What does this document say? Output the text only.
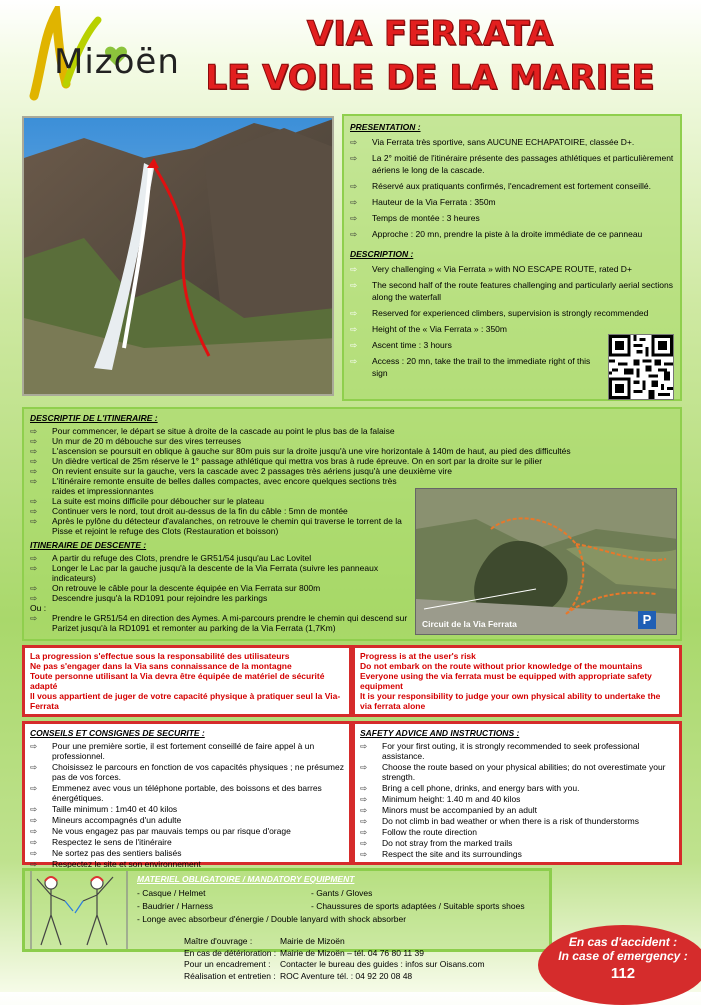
Mizoën
VIA FERRATA
LE VOILE DE LA MARIEE
PRESENTATION :
⇨	Via Ferrata très sportive, sans AUCUNE ECHAPATOIRE, classée D+.
⇨	La 2° moitié de l'itinéraire présente des passages athlétiques et particulièrement aériens le long de la cascade.
⇨	Réservé aux pratiquants confirmés, l'encadrement est fortement conseillé.
⇨	Hauteur de la Via Ferrata : 350m
⇨	Temps de montée : 3 heures
⇨	Approche : 20 mn, prendre la piste à la droite immédiate de ce panneau
DESCRIPTION :
⇨	Very challenging « Via Ferrata » with NO ESCAPE ROUTE, rated D+
⇨	The second half of the route features challenging and particularly aerial sections along the waterfall
⇨	Reserved for experienced climbers, supervision is strongly recommended
⇨	Height of the « Via Ferrata » : 350m
⇨	Ascent time : 3 hours
⇨	Access : 20 mn, take the trail to the immediate right of this sign
DESCRIPTIF DE L'ITINERAIRE :
⇨	Pour commencer, le départ se situe à droite de la cascade au point le plus bas de la falaise
⇨	Un mur de 20 m débouche sur des vires terreuses
⇨	L'ascension se poursuit en oblique à gauche sur 80m puis sur la droite jusqu'à une vire horizontale à 140m de haut, au pied des difficultés
⇨	Un dièdre vertical de 25m réserve le 1° passage athlétique qui mettra vos bras à rude épreuve. On en sort par la droite sur le pilier
⇨	On revient ensuite sur la gauche, vers la cascade avec 2 passages très aériens jusqu'à une deuxième vire
⇨	L'itinéraire remonte ensuite de belles dalles compactes, avec encore quelques sections très raides et impressionnantes
⇨	La suite est moins difficile pour déboucher sur le plateau
⇨	Continuer vers le nord, tout droit au-dessus de la fin du câble : 5mn de montée
⇨	Après le pylône du détecteur d'avalanches, on retrouve le chemin qui traverse le torrent de la Pisse et rejoint le refuge des Clots (Restauration et boisson)
ITINERAIRE DE DESCENTE :
⇨	A partir du refuge des Clots, prendre le GR51/54 jusqu'au Lac Lovitel
⇨	Longer le Lac par la gauche jusqu'à la descente de la Via Ferrata (suivre les panneaux indicateurs)
⇨	On retrouve le câble pour la descente équipée en Via Ferrata sur 800m
⇨	Descendre jusqu'à la RD1091 pour rejoindre les parkings
Ou :
⇨	Prendre le GR51/54 en direction des Aymes. A mi-parcours prendre le chemin qui descend sur Parizet jusqu'à la RD1091 et remonter au parking de la Via Ferrata (1,7Km)	Circuit de la Via Ferrata	P
La progression s'effectue sous la responsabilité des utilisateurs
Ne pas s'engager dans la Via sans connaissance de la montagne
Toute personne utilisant la Via devra être équipée de matériel de sécurité adapté
Il vous appartient de juger de votre capacité physique à pratiquer seul la Via-Ferrata
Progress is at the user's risk
Do not embark on the route without prior knowledge of the mountains
Everyone using the via ferrata must be equipped with appropriate safety equipment
It is your responsibility to judge your own physical ability to undertake the via ferrata alone
CONSEILS ET CONSIGNES DE SECURITE :
⇨	Pour une première sortie, il est fortement conseillé de faire appel à un professionnel.
⇨	Choisissez le parcours en fonction de vos capacités physiques ; ne présumez pas de vos forces.
⇨	Emmenez avec vous un téléphone portable, des boissons et des barres énergétiques.
⇨	Taille minimum : 1m40 et 40 kilos
⇨	Mineurs accompagnés d'un adulte
⇨	Ne vous engagez pas par mauvais temps ou par risque d'orage
⇨	Respectez le sens de l'itinéraire
⇨	Ne sortez pas des sentiers balisés
⇨	Respectez le site et son environnement
SAFETY ADVICE AND INSTRUCTIONS :
⇨	For your first outing, it is strongly recommended to seek professional assistance.
⇨	Choose the route based on your physical abilities; do not overestimate your strength.
⇨	Bring a cell phone, drinks, and energy bars with you.
⇨	Minimum height: 1.40 m and 40 kilos
⇨	Minors must be accompanied by an adult
⇨	Do not climb in bad weather or when there is a risk of thunderstorms
⇨	Follow the route direction
⇨	Do not stray from the marked trails
⇨	Respect the site and its surroundings
MATERIEL OBLIGATOIRE / MANDATORY EQUIPMENT
- Casque / Helmet
- Baudrier / Harness
- Longe avec absorbeur d'énergie / Double lanyard with shock absorber
- Gants / Gloves
- Chaussures de sports adaptées / Suitable sports shoes
Maître d'ouvrage :	Mairie de Mizoën
En cas de détérioration : Mairie de Mizoën – tél. 04 76 80 11 39
Pour un encadrement :	Contacter le bureau des guides : infos sur Oisans.com
Réalisation et entretien : ROC Aventure tél. : 04 92 20 08 48
En cas d'accident :
In case of emergency :
112
